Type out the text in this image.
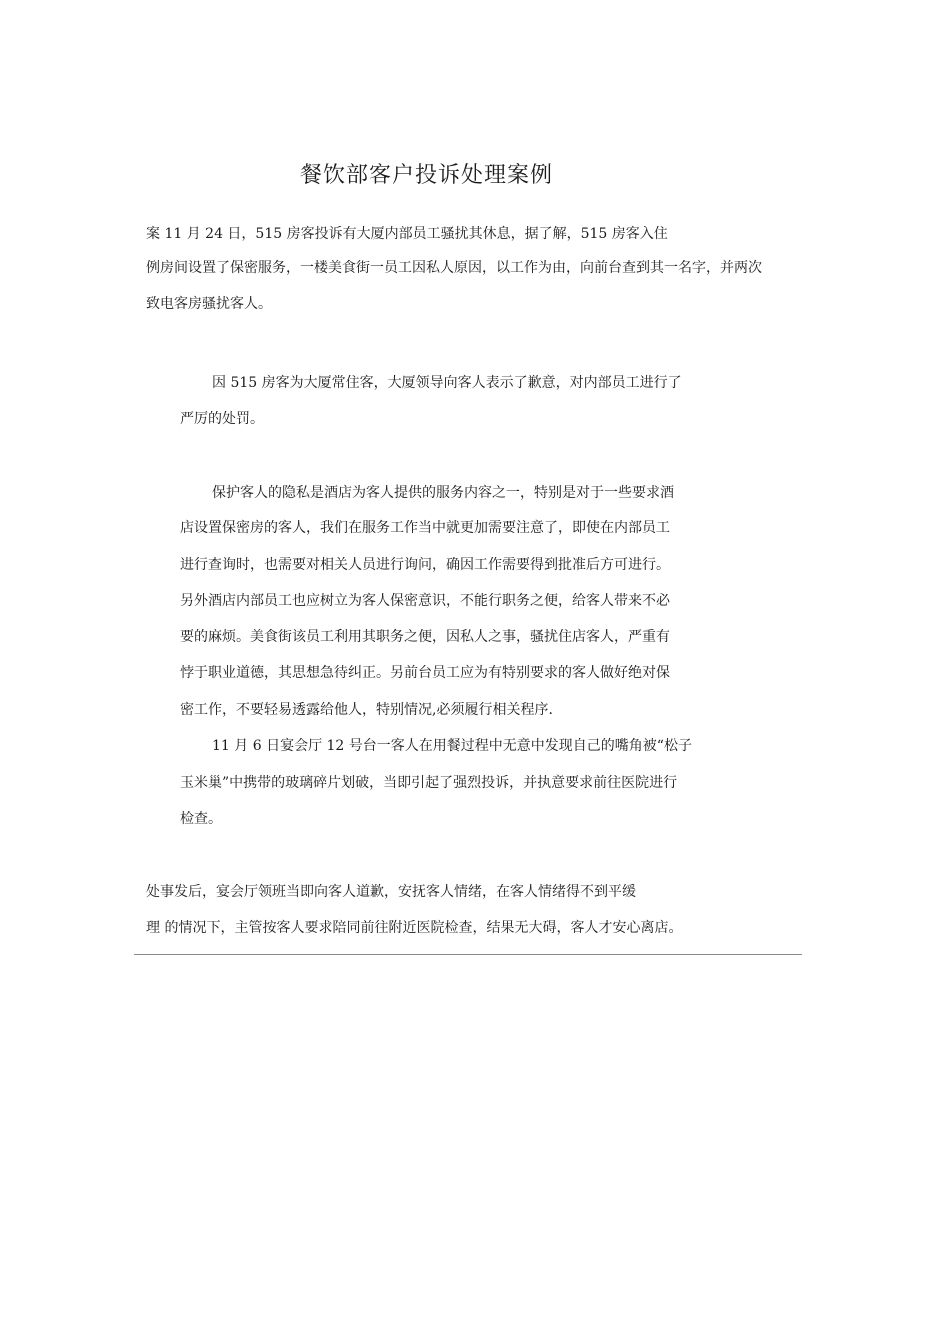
餐饮部客户投诉处理案例
案 11 月 24 日，515 房客投诉有大厦内部员工骚扰其休息，据了解，515 房客入住
例房间设置了保密服务，一楼美食街一员工因私人原因，以工作为由，向前台查到其一名字，并两次
致电客房骚扰客人。
因 515 房客为大厦常住客，大厦领导向客人表示了歉意，对内部员工进行了
严厉的处罚。
保护客人的隐私是酒店为客人提供的服务内容之一，特别是对于一些要求酒
店设置保密房的客人，我们在服务工作当中就更加需要注意了，即使在内部员工
进行查询时，也需要对相关人员进行询问，确因工作需要得到批准后方可进行。
另外酒店内部员工也应树立为客人保密意识，不能行职务之便，给客人带来不必
要的麻烦。美食街该员工利用其职务之便，因私人之事，骚扰住店客人，严重有
悖于职业道德，其思想急待纠正。另前台员工应为有特别要求的客人做好绝对保
密工作，不要轻易透露给他人，特别情况,必须履行相关程序.
11 月 6 日宴会厅 12 号台一客人在用餐过程中无意中发现自己的嘴角被“松子
玉米巢”中携带的玻璃碎片划破，当即引起了强烈投诉，并执意要求前往医院进行
检查。
处事发后，宴会厅领班当即向客人道歉，安抚客人情绪，在客人情绪得不到平缓
理 的情况下，主管按客人要求陪同前往附近医院检查，结果无大碍，客人才安心离店。
